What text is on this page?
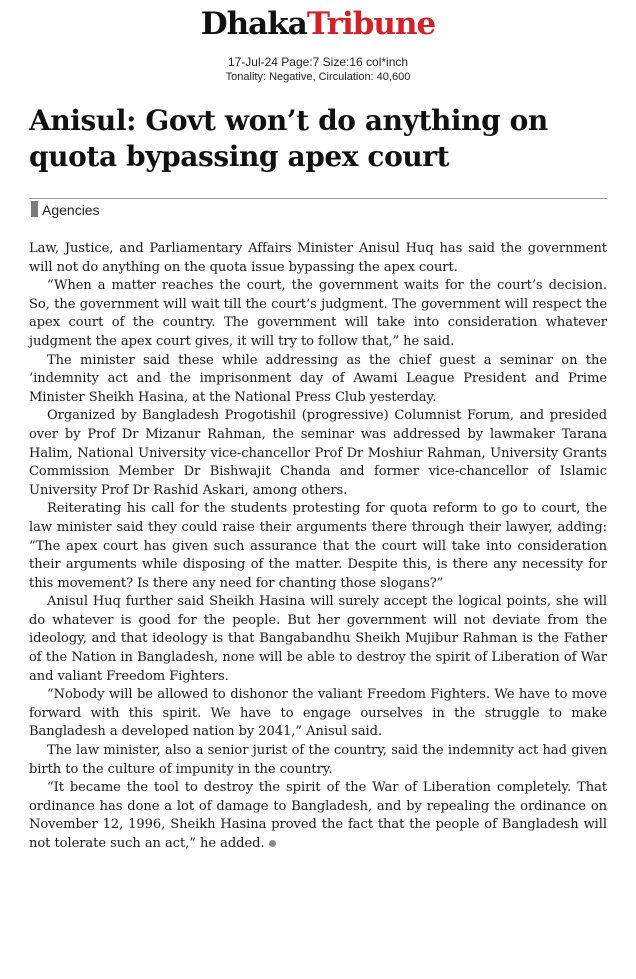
DhakaTribune
17-Jul-24 Page:7 Size:16 col*inch
Tonality: Negative, Circulation: 40,600
Anisul: Govt won’t do anything on quota bypassing apex court
Agencies

Law, Justice, and Parliamentary Affairs Minister Anisul Huq has said the government will not do anything on the quota issue bypassing the apex court.

“When a matter reaches the court, the government waits for the court’s decision. So, the government will wait till the court’s judgment. The government will respect the apex court of the country. The government will take into consideration whatever judgment the apex court gives, it will try to follow that,” he said.

The minister said these while addressing as the chief guest a seminar on the ‘indemnity act and the imprisonment day of Awami League President and Prime Minister Sheikh Hasina, at the National Press Club yesterday.

Organized by Bangladesh Progotishil (progressive) Columnist Forum, and presided over by Prof Dr Mizanur Rahman, the seminar was addressed by lawmaker Tarana Halim, National University vice-chancellor Prof Dr Moshiur Rahman, University Grants Commission Member Dr Bishwajit Chanda and former vice-chancellor of Islamic University Prof Dr Rashid Askari, among others.

Reiterating his call for the students protesting for quota reform to go to court, the law minister said they could raise their arguments there through their lawyer, adding: “The apex court has given such assurance that the court will take into consideration their arguments while disposing of the matter. Despite this, is there any necessity for this movement? Is there any need for chanting those slogans?”

Anisul Huq further said Sheikh Hasina will surely accept the logical points, she will do whatever is good for the people. But her government will not deviate from the ideology, and that ideology is that Bangabandhu Sheikh Mujibur Rahman is the Father of the Nation in Bangladesh, none will be able to destroy the spirit of Liberation of War and valiant Freedom Fighters.

“Nobody will be allowed to dishonor the valiant Freedom Fighters. We have to move forward with this spirit. We have to engage ourselves in the struggle to make Bangladesh a developed nation by 2041,” Anisul said.

The law minister, also a senior jurist of the country, said the indemnity act had given birth to the culture of impunity in the country.

“It became the tool to destroy the spirit of the War of Liberation completely. That ordinance has done a lot of damage to Bangladesh, and by repealing the ordinance on November 12, 1996, Sheikh Hasina proved the fact that the people of Bangladesh will not tolerate such an act,” he added.
